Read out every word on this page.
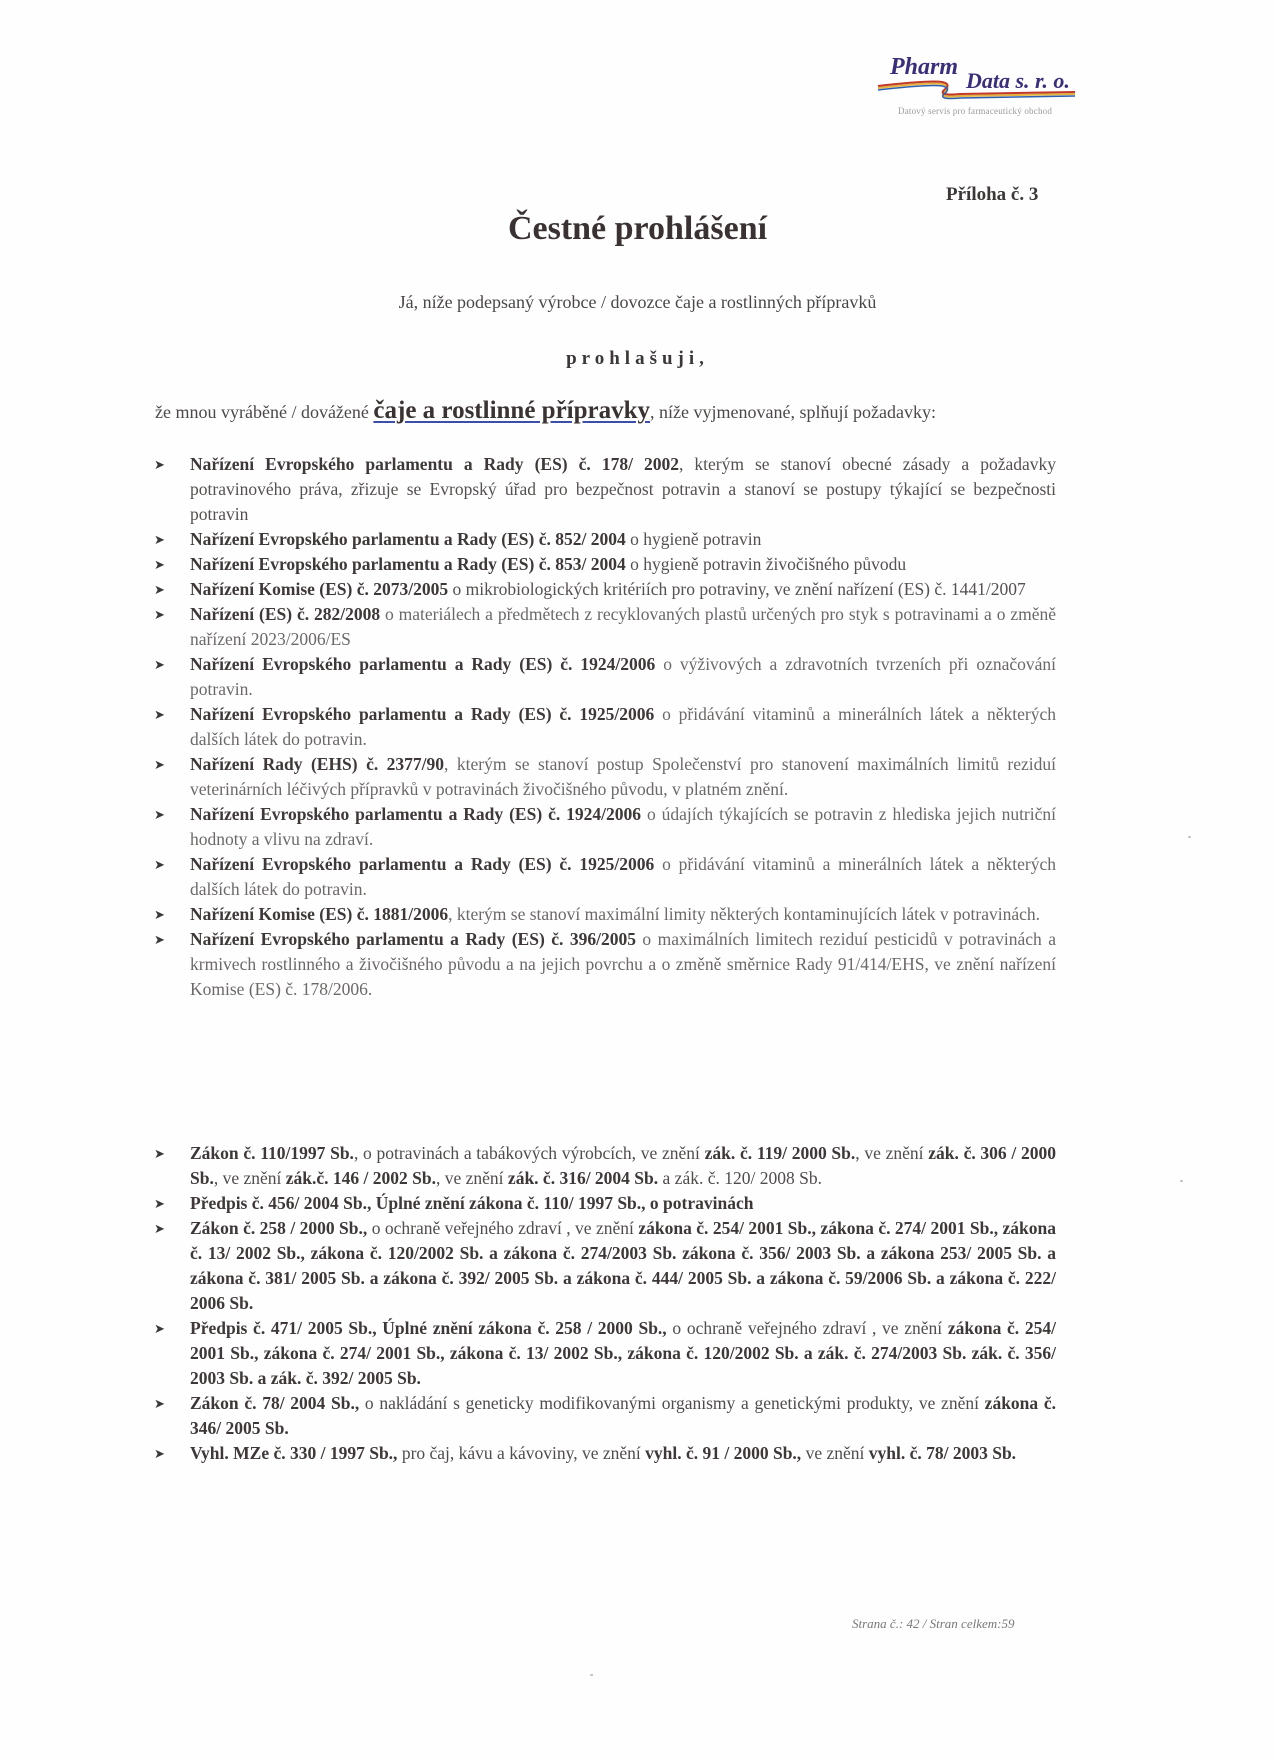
Pharm
Data s. r. o.
Datový servis pro farmaceutický obchod
Příloha č. 3
Čestné prohlášení
Já, níže podepsaný výrobce / dovozce čaje a rostlinných přípravků
prohlašuji,
že mnou vyráběné / dovážené čaje a rostlinné přípravky, níže vyjmenované, splňují požadavky:
➤ Nařízení Evropského parlamentu a Rady (ES) č. 178/ 2002, kterým se stanoví obecné zásady a požadavky potravinového práva, zřizuje se Evropský úřad pro bezpečnost potravin a stanoví se postupy týkající se bezpečnosti potravin
➤ Nařízení Evropského parlamentu a Rady (ES) č. 852/ 2004 o hygieně potravin
➤ Nařízení Evropského parlamentu a Rady (ES) č. 853/ 2004 o hygieně potravin živočišného původu
➤ Nařízení Komise (ES) č. 2073/2005 o mikrobiologických kritériích pro potraviny, ve znění nařízení (ES) č. 1441/2007
➤ Nařízení (ES) č. 282/2008 o materiálech a předmětech z recyklovaných plastů určených pro styk s potravinami a o změně nařízení 2023/2006/ES
➤ Nařízení Evropského parlamentu a Rady (ES) č. 1924/2006 o výživových a zdravotních tvrzeních při označování potravin.
➤ Nařízení Evropského parlamentu a Rady (ES) č. 1925/2006 o přidávání vitaminů a minerálních látek a některých dalších látek do potravin.
➤ Nařízení Rady (EHS) č. 2377/90, kterým se stanoví postup Společenství pro stanovení maximálních limitů reziduí veterinárních léčivých přípravků v potravinách živočišného původu, v platném znění.
➤ Nařízení Evropského parlamentu a Rady (ES) č. 1924/2006 o údajích týkajících se potravin z hlediska jejich nutriční hodnoty a vlivu na zdraví.
➤ Nařízení Evropského parlamentu a Rady (ES) č. 1925/2006 o přidávání vitaminů a minerálních látek a některých dalších látek do potravin.
➤ Nařízení Komise (ES) č. 1881/2006, kterým se stanoví maximální limity některých kontaminujících látek v potravinách.
➤ Nařízení Evropského parlamentu a Rady (ES) č. 396/2005 o maximálních limitech reziduí pesticidů v potravinách a krmivech rostlinného a živočišného původu a na jejich povrchu a o změně směrnice Rady 91/414/EHS, ve znění nařízení Komise (ES) č. 178/2006.
➤ Zákon č. 110/1997 Sb., o potravinách a tabákových výrobcích, ve znění zák. č. 119/ 2000 Sb., ve znění zák. č. 306 / 2000 Sb., ve znění zák.č. 146 / 2002 Sb., ve znění zák. č. 316/ 2004 Sb. a zák. č. 120/ 2008 Sb.
➤ Předpis č. 456/ 2004 Sb., Úplné znění zákona č. 110/ 1997 Sb., o potravinách
➤ Zákon č. 258 / 2000 Sb., o ochraně veřejného zdraví , ve znění zákona č. 254/ 2001 Sb., zákona č. 274/ 2001 Sb., zákona č. 13/ 2002 Sb., zákona č. 120/2002 Sb. a zákona č. 274/2003 Sb. zákona č. 356/ 2003 Sb. a zákona 253/ 2005 Sb. a zákona č. 381/ 2005 Sb. a zákona č. 392/ 2005 Sb. a zákona č. 444/ 2005 Sb. a zákona č. 59/2006 Sb. a zákona č. 222/ 2006 Sb.
➤ Předpis č. 471/ 2005 Sb., Úplné znění zákona č. 258 / 2000 Sb., o ochraně veřejného zdraví , ve znění zákona č. 254/ 2001 Sb., zákona č. 274/ 2001 Sb., zákona č. 13/ 2002 Sb., zákona č. 120/2002 Sb. a zák. č. 274/2003 Sb. zák. č. 356/ 2003 Sb. a zák. č. 392/ 2005 Sb.
➤ Zákon č. 78/ 2004 Sb., o nakládání s geneticky modifikovanými organismy a genetickými produkty, ve znění zákona č. 346/ 2005 Sb.
➤ Vyhl. MZe č. 330 / 1997 Sb., pro čaj, kávu a kávoviny, ve znění vyhl. č. 91 / 2000 Sb., ve znění vyhl. č. 78/ 2003 Sb.
Strana č.: 42 / Stran celkem:59
